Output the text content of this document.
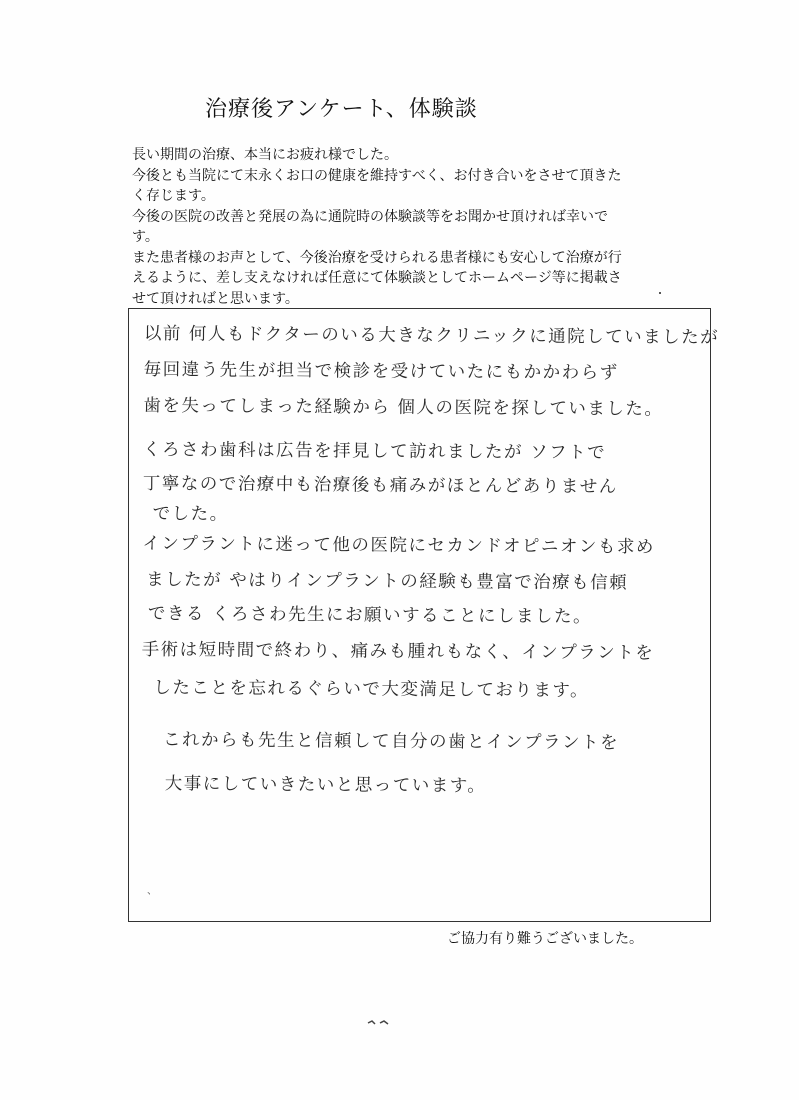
治療後アンケート、体験談

長い期間の治療、本当にお疲れ様でした。

今後とも当院にて末永くお口の健康を維持すべく、お付き合いをさせて頂きた

く存じます。

今後の医院の改善と発展の為に通院時の体験談等をお聞かせ頂ければ幸いで

す。

また患者様のお声として、今後治療を受けられる患者様にも安心して治療が行

えるように、差し支えなければ任意にて体験談としてホームページ等に掲載さ

せて頂ければと思います。

以前 何人もドクターのいる大きなクリニックに通院していましたが
毎回違う先生が担当で検診を受けていたにもかかわらず
歯を失ってしまった経験から 個人の医院を探していました。
くろさわ歯科は広告を拝見して訪れましたが ソフトで
丁寧なので治療中も治療後も痛みがほとんどありません
でした。
インプラントに迷って他の医院にセカンドオピニオンも求め
ましたが やはりインプラントの経験も豊富で治療も信頼
できる くろさわ先生にお願いすることにしました。
手術は短時間で終わり、痛みも腫れもなく、インプラントを
したことを忘れるぐらいで大変満足しております。
これからも先生と信頼して自分の歯とインプラントを
大事にしていきたいと思っています。
、
ご協力有り難うございました。
